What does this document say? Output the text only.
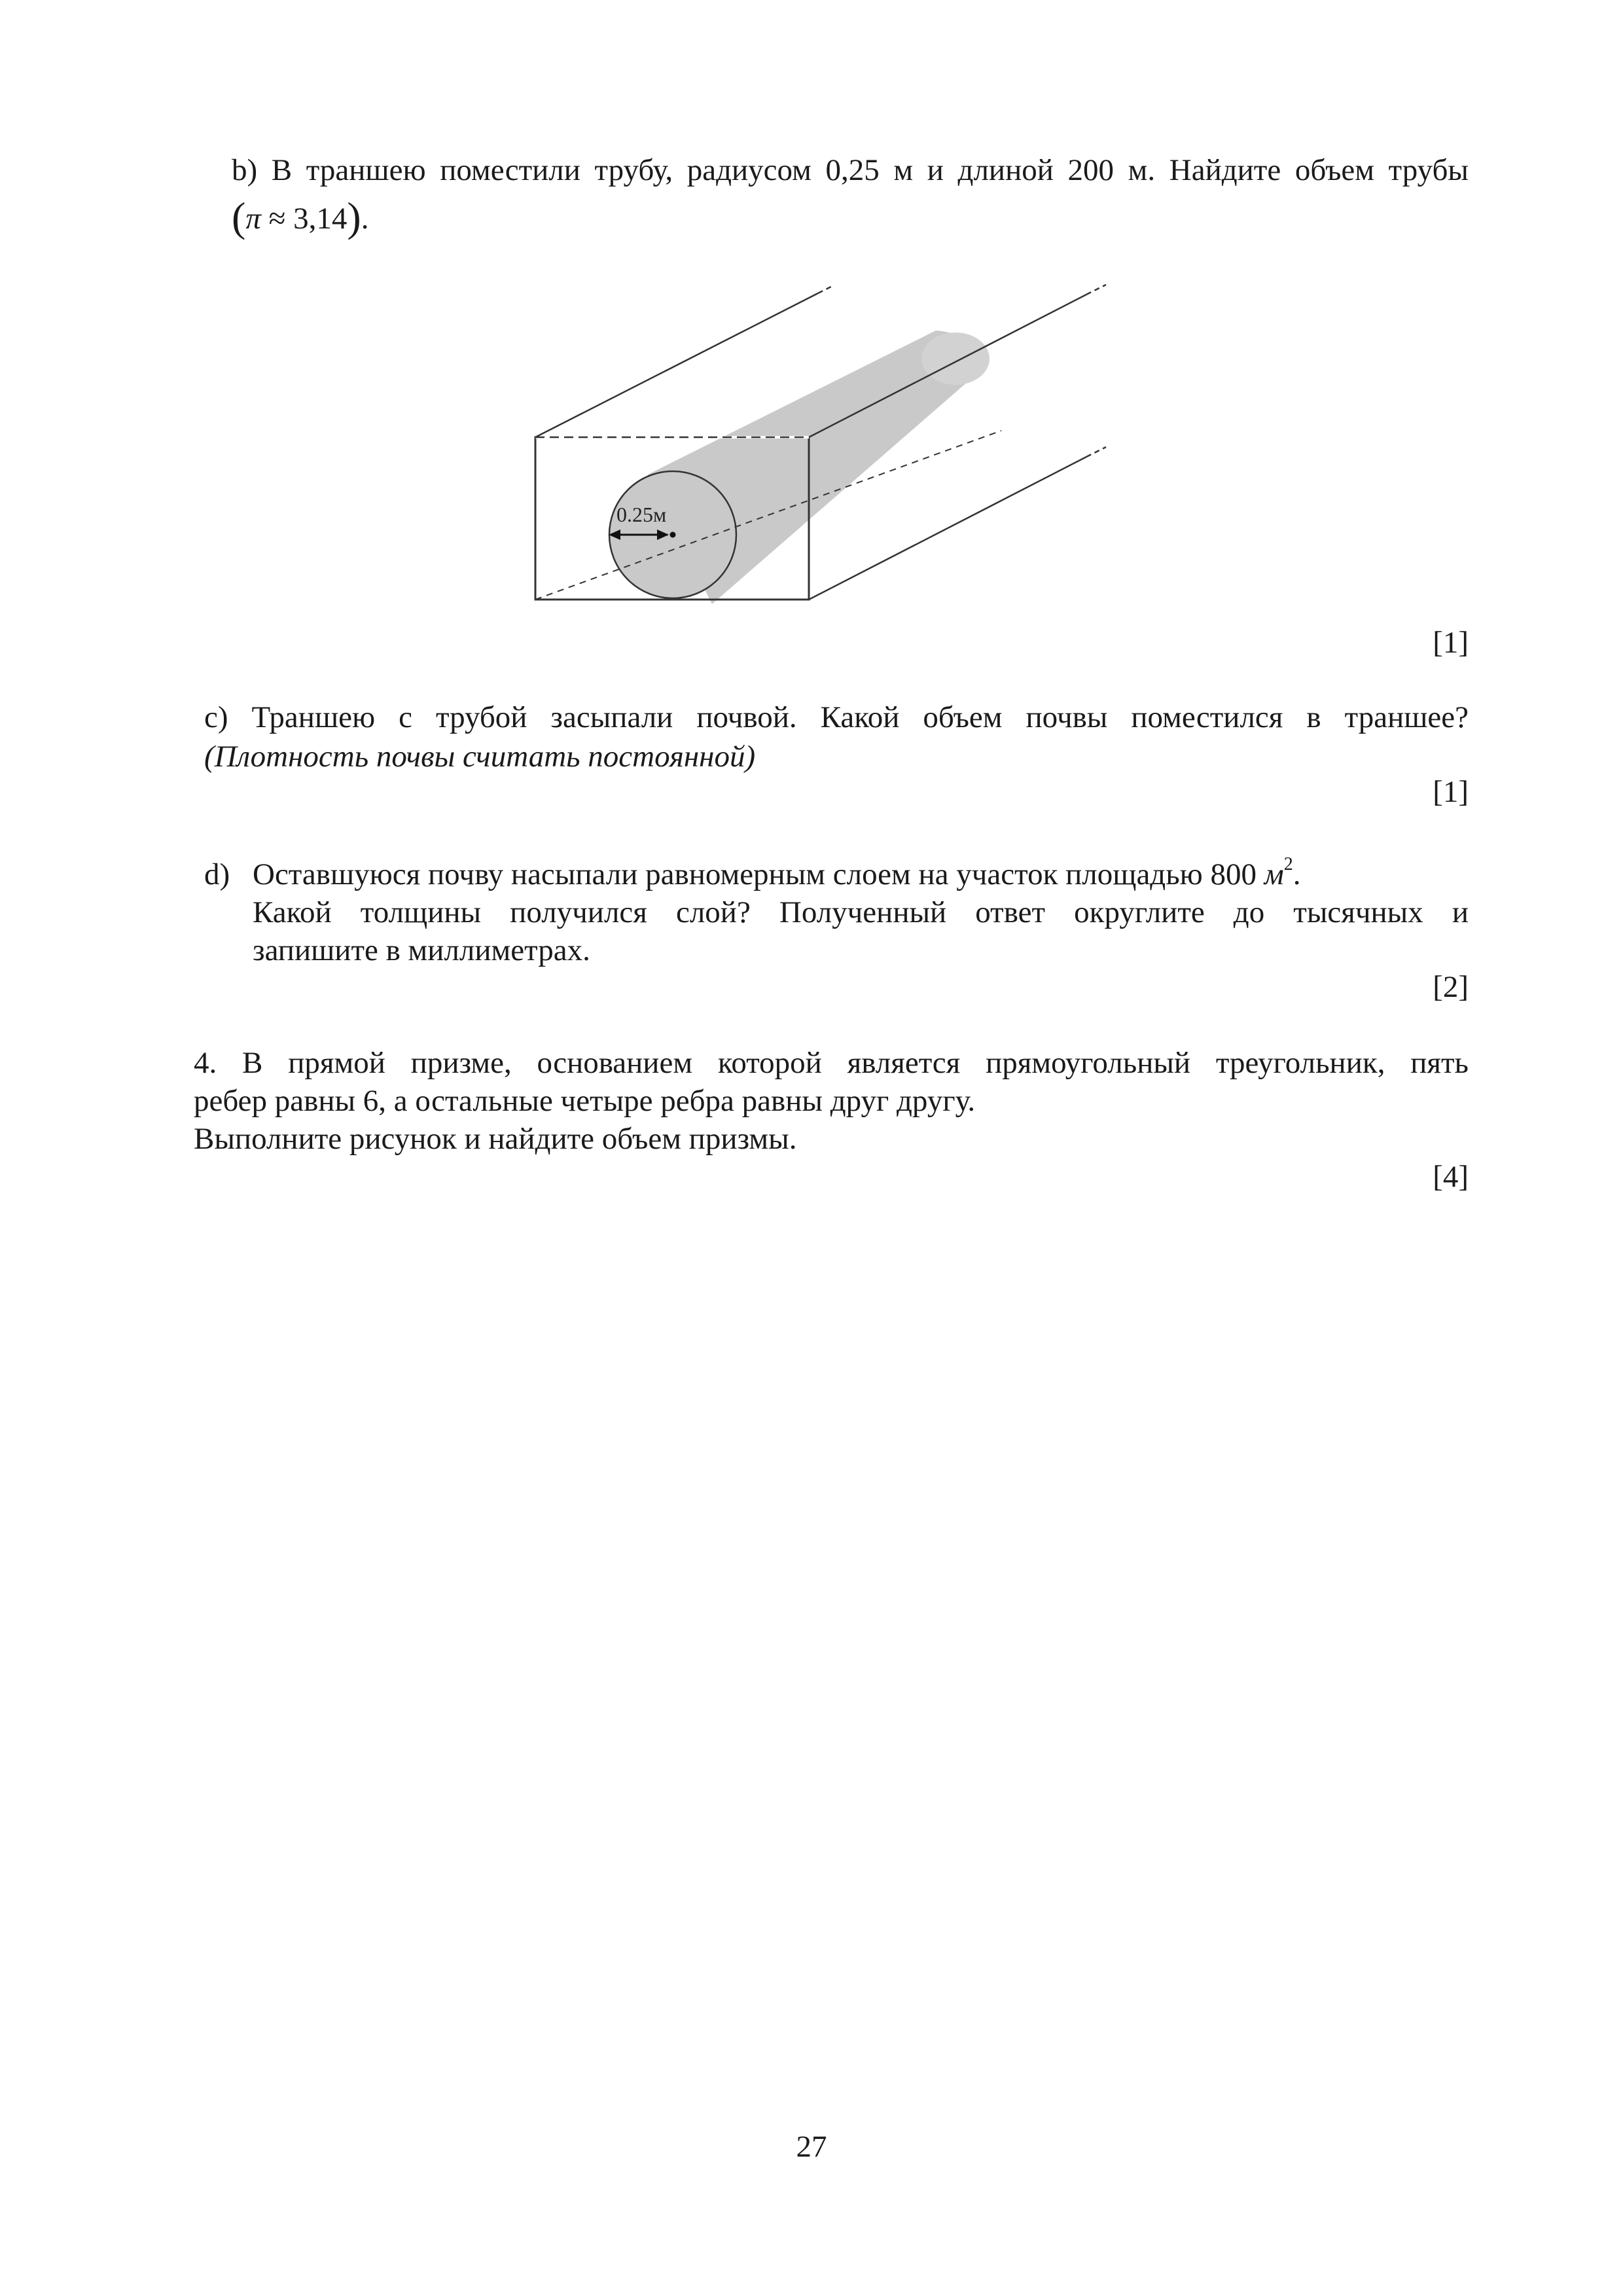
b) В траншею поместили трубу, радиусом 0,25 м и длиной 200 м. Найдите объем трубы
(π ≈ 3,14).
0.25м
[1]
c) Траншею с трубой засыпали почвой. Какой объем почвы поместился в траншее?
(Плотность почвы считать постоянной)
[1]
d) Оставшуюся почву насыпали равномерным слоем на участок площадью 800 $м^2$.
Какой толщины получился слой? Полученный ответ округлите до тысячных и
запишите в миллиметрах.
[2]
4. В прямой призме, основанием которой является прямоугольный треугольник, пять
ребер равны 6, а остальные четыре ребра равны друг другу.
Выполните рисунок и найдите объем призмы.
[4]
27
